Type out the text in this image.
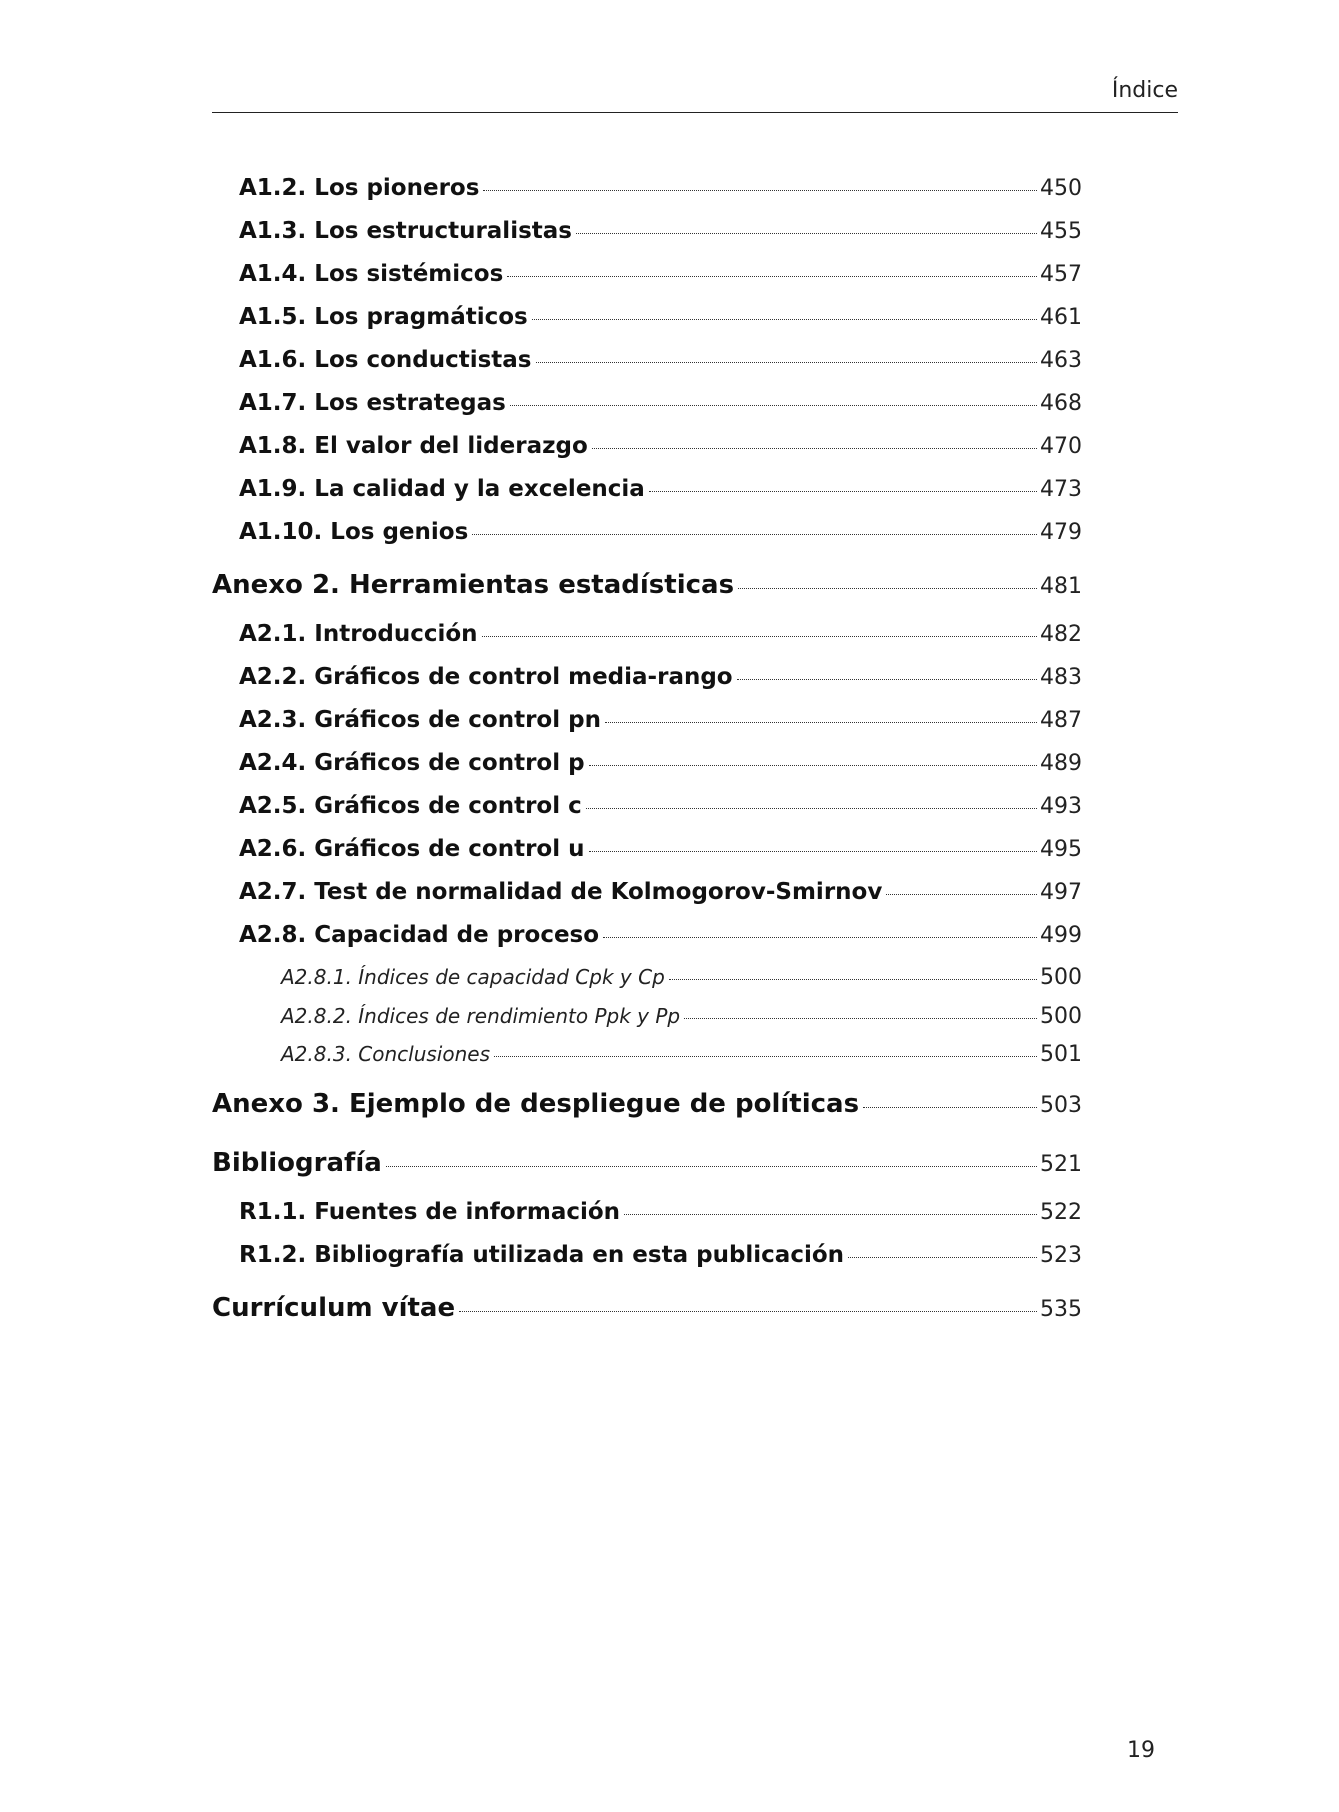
Índice
A1.2. Los pioneros	450
A1.3. Los estructuralistas	455
A1.4. Los sistémicos	457
A1.5. Los pragmáticos	461
A1.6. Los conductistas	463
A1.7. Los estrategas	468
A1.8. El valor del liderazgo	470
A1.9. La calidad y la excelencia	473
A1.10. Los genios	479
Anexo 2. Herramientas estadísticas	481
A2.1. Introducción	482
A2.2. Gráficos de control media-rango	483
A2.3. Gráficos de control pn	487
A2.4. Gráficos de control p	489
A2.5. Gráficos de control c	493
A2.6. Gráficos de control u	495
A2.7. Test de normalidad de Kolmogorov-Smirnov	497
A2.8. Capacidad de proceso	499
A2.8.1. Índices de capacidad Cpk y Cp	500
A2.8.2. Índices de rendimiento Ppk y Pp	500
A2.8.3. Conclusiones	501
Anexo 3. Ejemplo de despliegue de políticas	503
Bibliografía	521
R1.1. Fuentes de información	522
R1.2. Bibliografía utilizada en esta publicación	523
Currículum vítae	535
19
